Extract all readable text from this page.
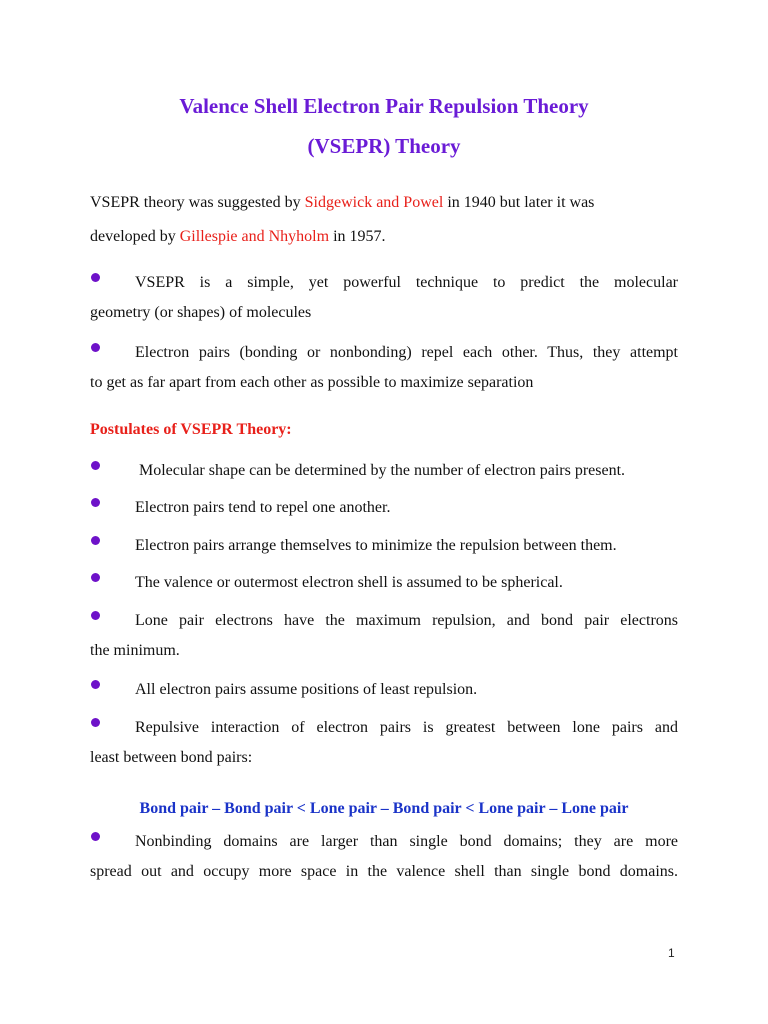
Valence Shell Electron Pair Repulsion Theory
(VSEPR) Theory

VSEPR theory was suggested by Sidgewick and Powel in 1940 but later it was
developed by Gillespie and Nhyholm in 1957.

VSEPR is a simple, yet powerful technique to predict the molecular
geometry (or shapes) of molecules
Electron pairs (bonding or nonbonding) repel each other. Thus, they attempt
to get as far apart from each other as possible to maximize separation

Postulates of VSEPR Theory:

Molecular shape can be determined by the number of electron pairs present.
Electron pairs tend to repel one another.
Electron pairs arrange themselves to minimize the repulsion between them.
The valence or outermost electron shell is assumed to be spherical.
Lone pair electrons have the maximum repulsion, and bond pair electrons
the minimum.
All electron pairs assume positions of least repulsion.
Repulsive interaction of electron pairs is greatest between lone pairs and
least between bond pairs:

Bond pair – Bond pair < Lone pair – Bond pair < Lone pair – Lone pair

Nonbinding domains are larger than single bond domains; they are more
spread out and occupy more space in the valence shell than single bond domains.
1
